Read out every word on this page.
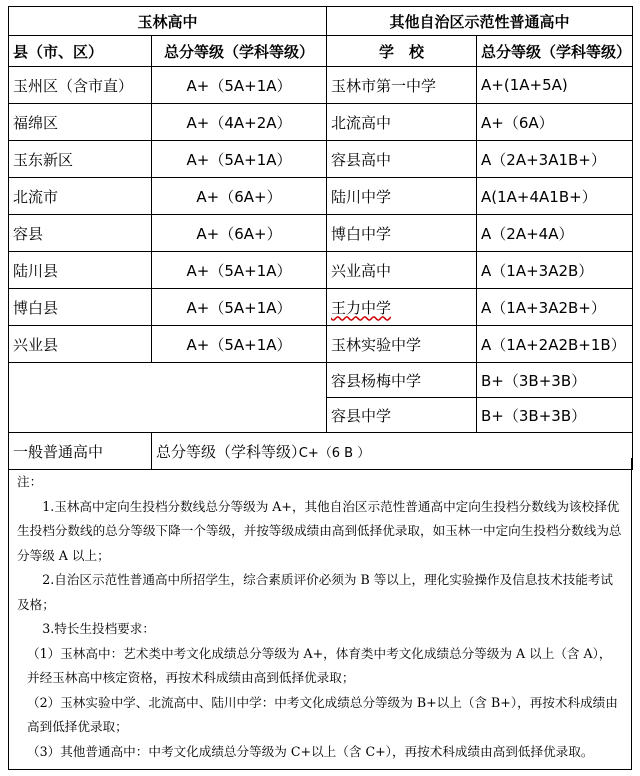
玉林高中		其他自治区示范性普通高中	
县（市、区）	总分等级（学科等级）	学　校	总分等级（学科等级）
玉州区（含市直）	A+（5A+1A）	玉林市第一中学	A+(1A+5A)
福绵区	A+（4A+2A）	北流高中	A+（6A）
玉东新区	A+（5A+1A）	容县高中	A（2A+3A1B+）
北流市	A+（6A+）	陆川中学	A(1A+4A1B+）
容县	A+（6A+）	博白中学	A（2A+4A）
陆川县	A+（5A+1A）	兴业高中	A（1A+3A2B）
博白县	A+（5A+1A）	王力中学	A（1A+3A2B+）
兴业县	A+（5A+1A）	玉林实验中学	A（1A+2A2B+1B）
		容县杨梅中学	B+（3B+3B）
		容县中学	B+（3B+3B）
一般普通高中	总分等级（学科等级） C+（6 B ）		

注：

1.玉林高中定向生投档分数线总分等级为 A+，其他自治区示范性普通高中定向生投档分数线为该校择优生投档分数线的总分等级下降一个等级，并按等级成绩由高到低择优录取，如玉林一中定向生投档分数线为总分等级 A 以上；

2.自治区示范性普通高中所招学生，综合素质评价必须为 B 等以上，理化实验操作及信息技术技能考试及格；

3.特长生投档要求：

（1）玉林高中：艺术类中考文化成绩总分等级为 A+，体育类中考文化成绩总分等级为 A 以上（含 A），并经玉林高中核定资格，再按术科成绩由高到低择优录取；

（2）玉林实验中学、北流高中、陆川中学：中考文化成绩总分等级为 B+以上（含 B+），再按术科成绩由高到低择优录取；

（3）其他普通高中：中考文化成绩总分等级为 C+以上（含 C+），再按术科成绩由高到低择优录取。
